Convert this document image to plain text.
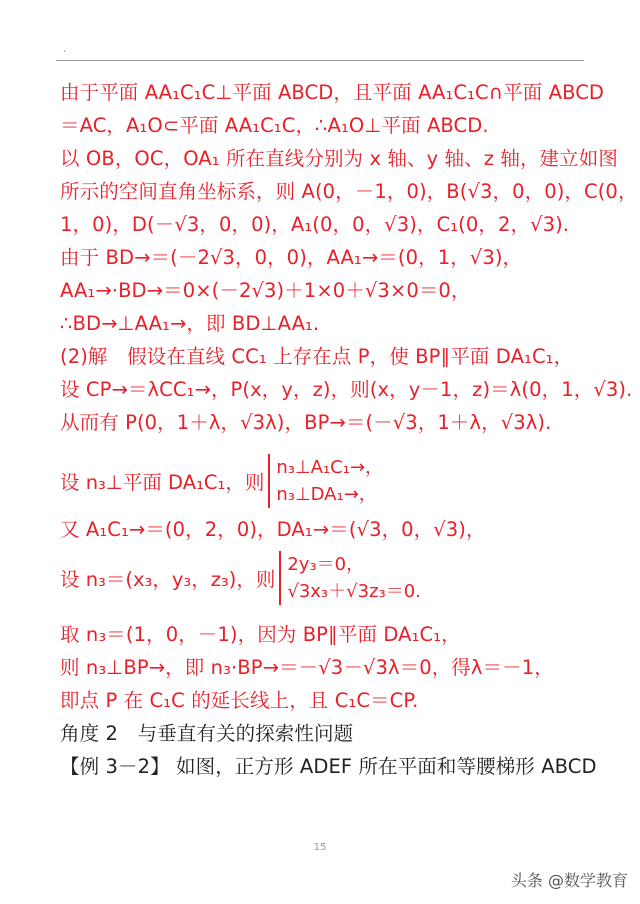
.
由于平面 AA₁C₁C⊥平面 ABCD，且平面 AA₁C₁C∩平面 ABCD
＝AC，A₁O⊂平面 AA₁C₁C，∴A₁O⊥平面 ABCD.
以 OB，OC，OA₁ 所在直线分别为 x 轴、y 轴、z 轴，建立如图
所示的空间直角坐标系，则 A(0，－1，0)，B(√3，0，0)，C(0，
1，0)，D(－√3，0，0)，A₁(0，0，√3)，C₁(0，2，√3).
由于 BD→＝(－2√3，0，0)，AA₁→＝(0，1，√3)，
AA₁→·BD→＝0×(－2√3)＋1×0＋√3×0＝0，
∴BD→⊥AA₁→，即 BD⊥AA₁.
(2)解　假设在直线 CC₁ 上存在点 P，使 BP∥平面 DA₁C₁，
设 CP→＝λCC₁→，P(x，y，z)，则(x，y－1，z)＝λ(0，1，√3).
从而有 P(0，1＋λ，√3λ)，BP→＝(－√3，1＋λ，√3λ).
设 n₃⊥平面 DA₁C₁，则
n₃⊥A₁C₁→，
n₃⊥DA₁→，
又 A₁C₁→＝(0，2，0)，DA₁→＝(√3，0，√3)，
设 n₃＝(x₃，y₃，z₃)，则
2y₃＝0，
√3x₃＋√3z₃＝0.
取 n₃＝(1，0，－1)，因为 BP∥平面 DA₁C₁，
则 n₃⊥BP→，即 n₃·BP→＝－√3－√3λ＝0，得λ＝－1，
即点 P 在 C₁C 的延长线上，且 C₁C＝CP.
角度 2　与垂直有关的探索性问题
【例 3－2】 如图，正方形 ADEF 所在平面和等腰梯形 ABCD
15
头条 @数学教育
